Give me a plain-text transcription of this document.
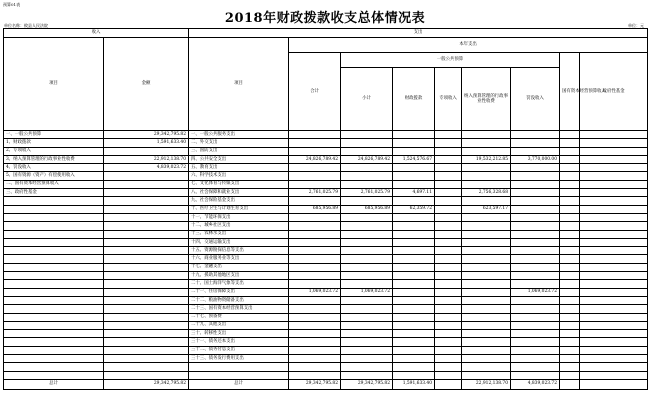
预算01表
2018年财政拨款收支总体情况表
单位名称：攸县人民法院	单位：元
收入		支出								
项目	金额	项目	本年支出							
			合计	一般公共预算					国有资本经营预算收入	政府性基金
				小计	财政拨款	专项收入	纳入预算管理的行政事业性收费	罚没收入		
一、一般公共预算	29,342,795.82	一、一般公共服务支出								
1、财政拨款	1,591,633.40	二、外交支出								
2、专项收入		三、国防支出								
3、纳入预算管理的行政事业性收费	22,912,138.70	四、公共安全支出	24,826,789.42	24,826,789.42	1,524,576.67		19,532,212.85	3,770,000.00		
4、罚没收入	4,839,023.72	五、教育支出								
5、国有资源（资产）有偿使用收入		六、科学技术支出								
二、国有资本经营预算收入		七、文化体育与传媒支出								
三、政府性基金		八、社会保障和就业支出	2,761,025.79	2,761,025.79	4,697.11		2,756,328.68			
		九、社会保险基金支出								
		十、医疗卫生与计划生育支出	685,956.89	685,956.89	62,359.72		623,597.17			
		十一、节能环保支出								
		十二、城乡社区支出								
		十三、农林水支出								
		十四、交通运输支出								
		十五、资源勘探信息等支出								
		十六、商业服务业等支出								
		十七、金融支出								
		十九、援助其他地区支出								
		二十、国土海洋气象等支出								
		二十一、住房保障支出	1,069,023.72	1,069,023.72				1,069,023.72		
		二十二、粮油物资储备支出								
		二十三、国有资本经营预算支出								
		二十七、预备费								
		二十九、其他支出								
		三十、转移性支出								
		三十一、债务还本支出								
		三十二、债务付息支出								
		三十三、债务发行费用支出								

总计	29,342,795.82	总计	29,342,795.82	29,342,795.82	1,591,633.40		22,912,138.70	4,839,023.72		
